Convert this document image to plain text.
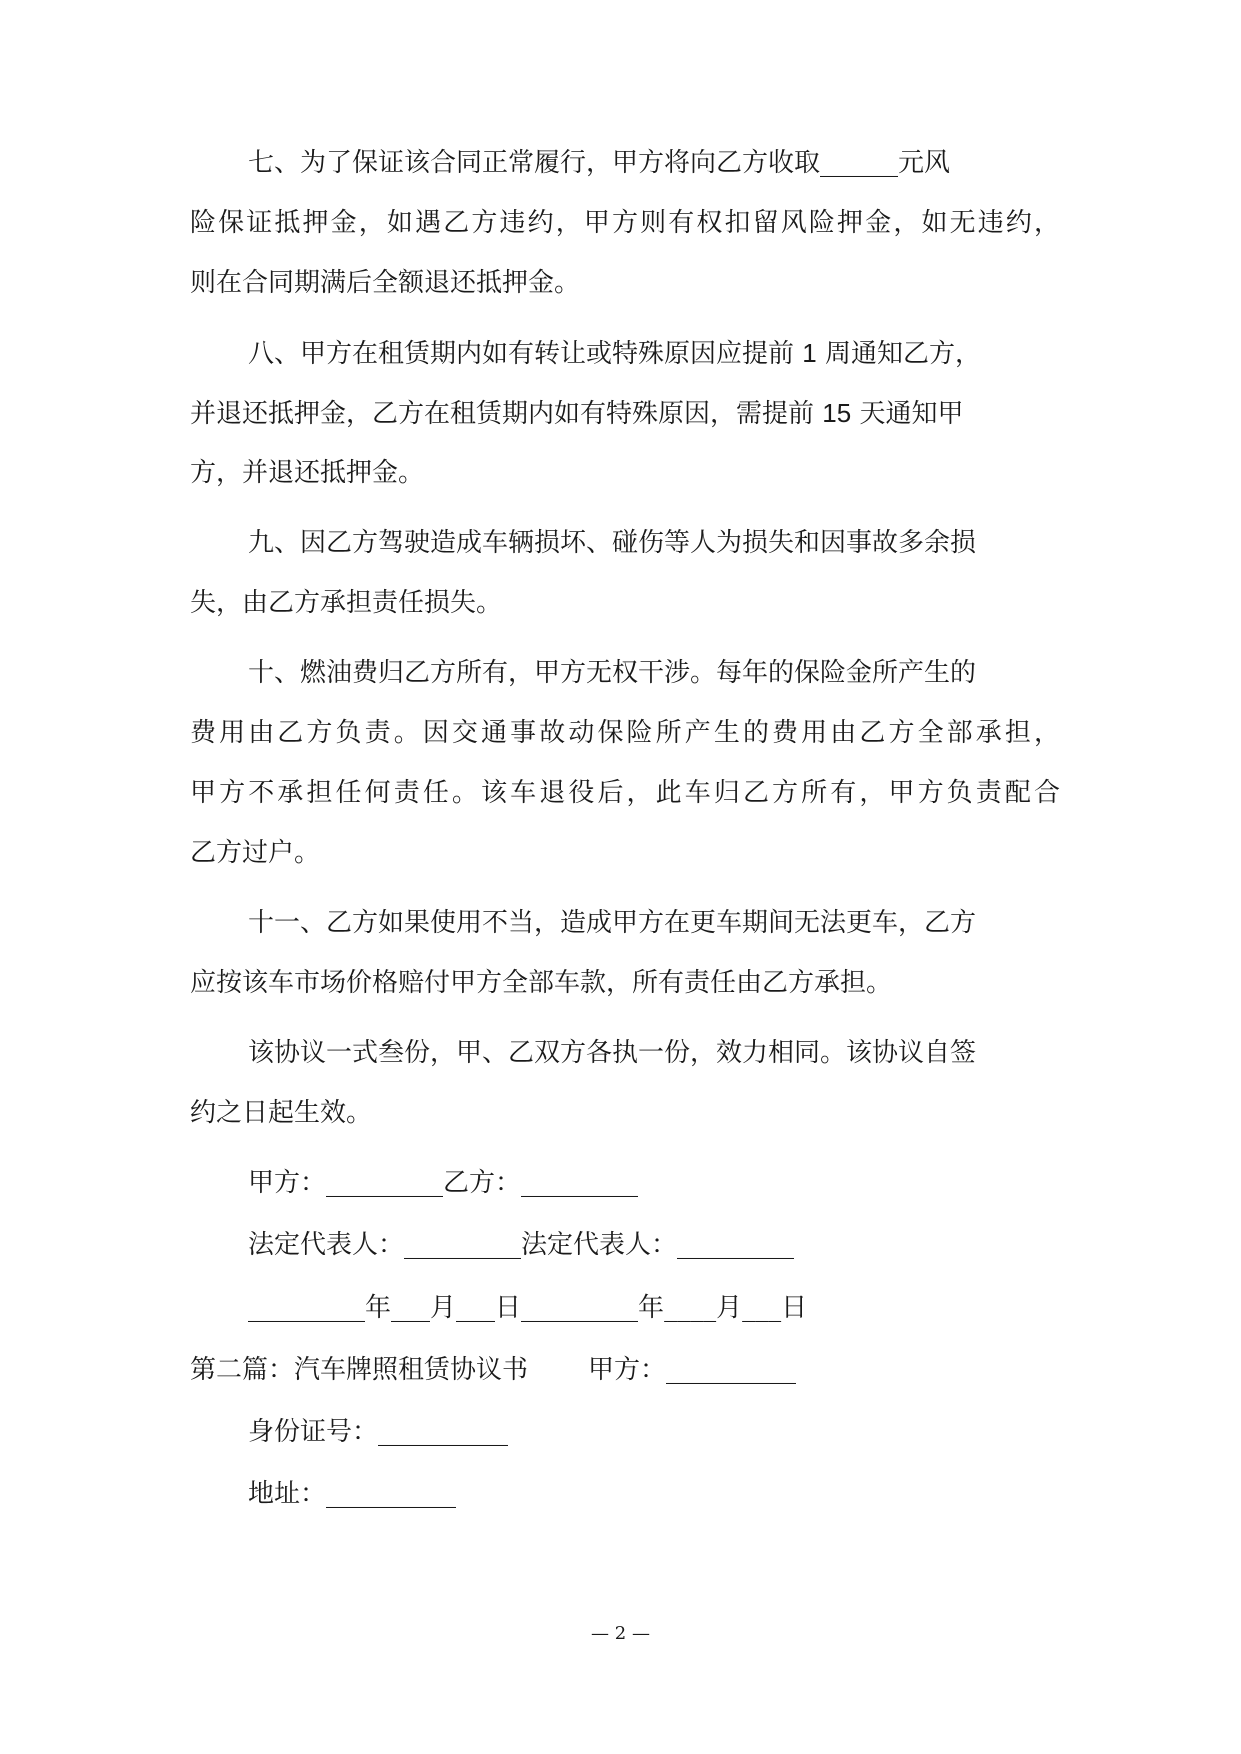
七、为了保证该合同正常履行，甲方将向乙方收取______元风
险保证抵押金，如遇乙方违约，甲方则有权扣留风险押金，如无违约，
则在合同期满后全额退还抵押金。
八、甲方在租赁期内如有转让或特殊原因应提前 1 周通知乙方，
并退还抵押金，乙方在租赁期内如有特殊原因，需提前 15 天通知甲
方，并退还抵押金。
九、因乙方驾驶造成车辆损坏、碰伤等人为损失和因事故多余损
失，由乙方承担责任损失。
十、燃油费归乙方所有，甲方无权干涉。每年的保险金所产生的
费用由乙方负责。因交通事故动保险所产生的费用由乙方全部承担，
甲方不承担任何责任。该车退役后，此车归乙方所有，甲方负责配合
乙方过户。
十一、乙方如果使用不当，造成甲方在更车期间无法更车，乙方
应按该车市场价格赔付甲方全部车款，所有责任由乙方承担。
该协议一式叁份，甲、乙双方各执一份，效力相同。该协议自签
约之日起生效。
甲方：_________乙方：_________
法定代表人：_________法定代表人：_________
_________年___月___日_________年____月___日
第二篇：汽车牌照租赁协议书 甲方：__________
身份证号：__________
地址：__________
— 2 —
